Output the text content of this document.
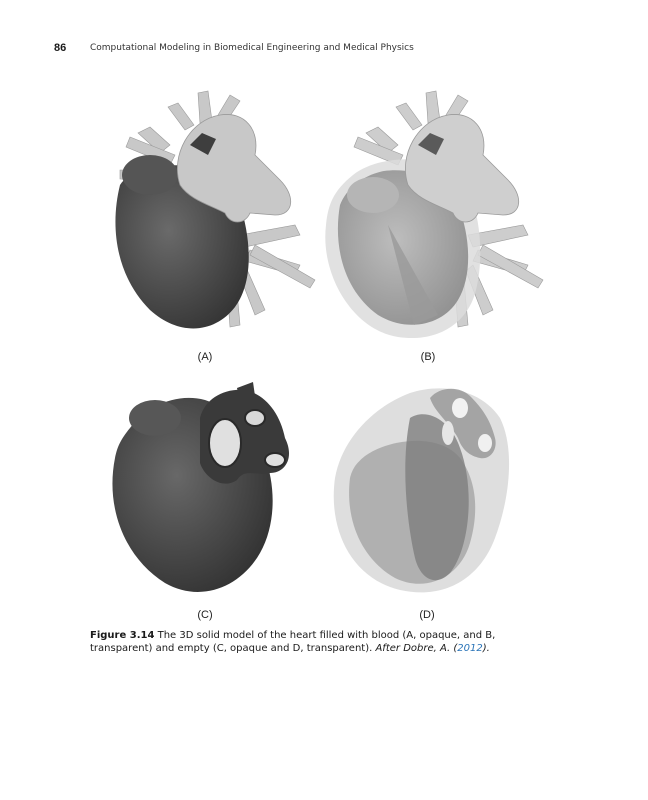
86	Computational Modeling in Biomedical Engineering and Medical Physics
(A)	(B)
(C)	(D)
Figure 3.14 The 3D solid model of the heart filled with blood (A, opaque, and B, transparent) and empty (C, opaque and D, transparent). After Dobre, A. (2012).
